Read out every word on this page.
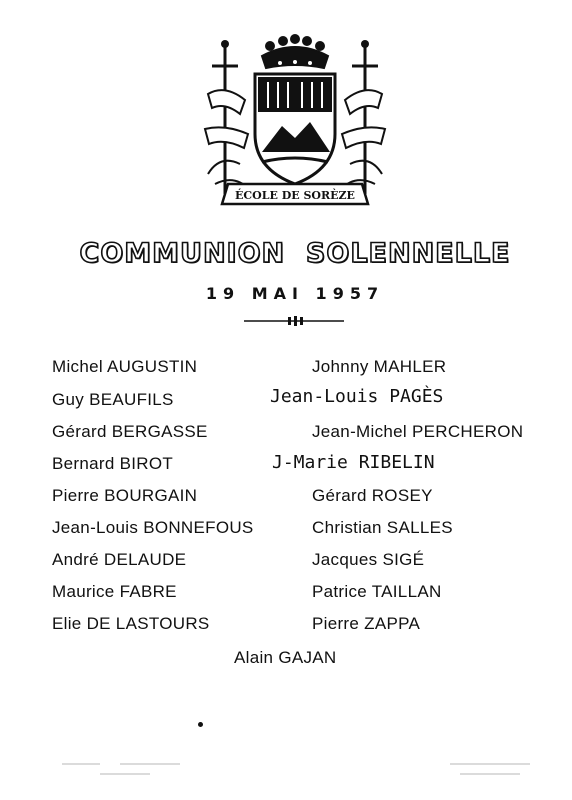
ÉCOLE DE SORÈZE
COMMUNION  SOLENNELLE
19 MAI 1957
Michel AUGUSTIN
Guy BEAUFILS
Gérard BERGASSE
Bernard BIROT
Pierre BOURGAIN
Jean-Louis BONNEFOUS
André DELAUDE
Maurice FABRE
Elie DE LASTOURS
Johnny MAHLER
Jean-Louis PAGÈS
Jean-Michel PERCHERON
J-Marie RIBELIN
Gérard ROSEY
Christian SALLES
Jacques SIGÉ
Patrice TAILLAN
Pierre ZAPPA
Alain GAJAN
